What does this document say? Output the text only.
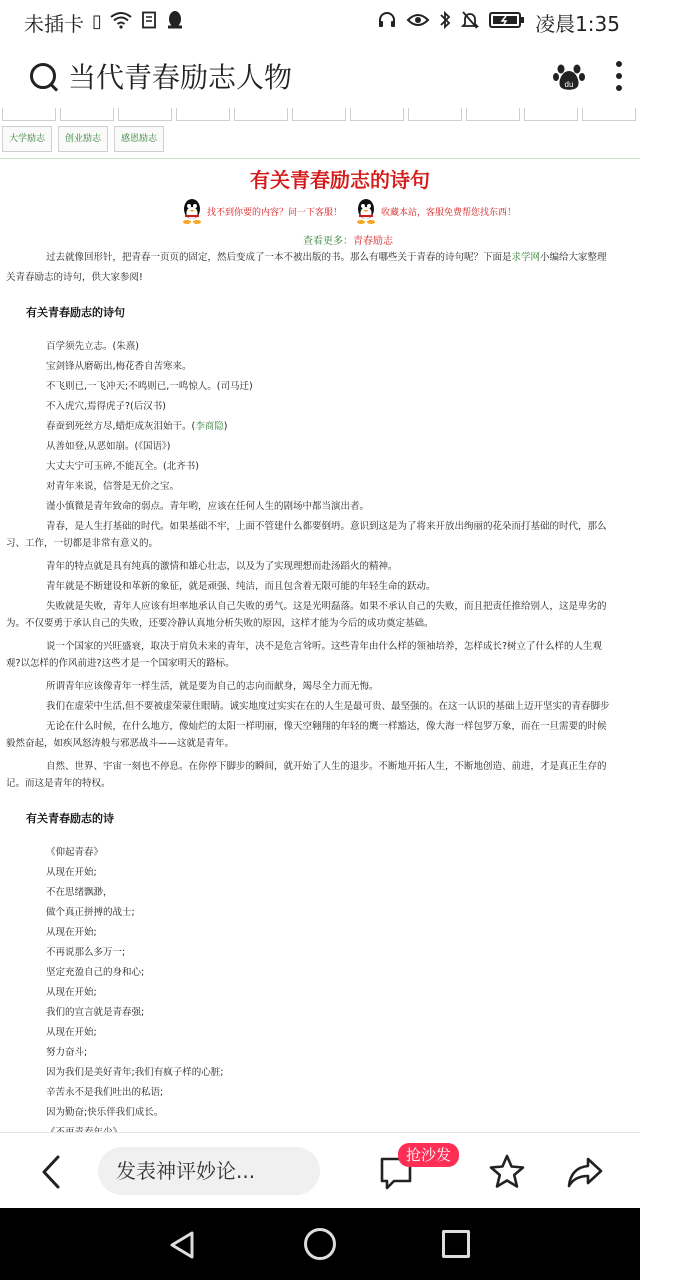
未插卡 ▯	凌晨1:35
当代青春励志人物	du
大学励志	创业励志	感恩励志
有关青春励志的诗句
找不到你要的内容？问一下客服！	收藏本站，客服免费帮您找东西！
查看更多：青春励志
过去就像回形针，把青春一页页的固定，然后变成了一本不被出版的书。那么有哪些关于青春的诗句呢？下面是求学网小编给大家整理
关青春励志的诗句，供大家参阅!
有关青春励志的诗句
百学须先立志。(朱熹)
宝剑锋从磨砺出,梅花香自苦寒来。
不飞则已,一飞冲天;不鸣则已,一鸣惊人。(司马迁)
不入虎穴,焉得虎子?(后汉书)
春蚕到死丝方尽,蜡炬成灰泪始干。(李商隐)
从善如登,从恶如崩。(《国语》)
大丈夫宁可玉碎,不能瓦全。(北齐书)
对青年来说，信誉是无价之宝。
谨小慎微是青年致命的弱点。青年哟，应该在任何人生的剧场中都当演出者。
青春，是人生打基础的时代。如果基础不牢，上面不管建什么都要倒坍。意识到这是为了将来开放出绚丽的花朵而打基础的时代，那么
习、工作，一切都是非常有意义的。
青年的特点就是具有纯真的激情和雄心壮志，以及为了实现理想而赴汤蹈火的精神。
青年就是不断建设和革新的象征，就是顽强、纯洁，而且包含着无限可能的年轻生命的跃动。
失败就是失败，青年人应该有坦率地承认自己失败的勇气。这是光明磊落。如果不承认自己的失败，而且把责任推给别人，这是卑劣的
为。不仅要勇于承认自己的失败，还要冷静认真地分析失败的原因，这样才能为今后的成功奠定基础。
说一个国家的兴旺盛衰，取决于肩负未来的青年，决不是危言耸听。这些青年由什么样的领袖培养，怎样成长?树立了什么样的人生观
观?以怎样的作风前进?这些才是一个国家明天的路标。
所谓青年应该像青年一样生活，就是要为自己的志向而献身，竭尽全力而无悔。
我们在虚荣中生活,但不要被虚荣蒙住眼睛。诚实地度过实实在在的人生是最可贵、最坚强的。在这一认识的基础上迈开坚实的青春脚步
无论在什么时候，在什么地方，像灿烂的太阳一样明丽，像天空翱翔的年轻的鹰一样豁达，像大海一样包罗万象，而在一旦需要的时候
毅然奋起，如疾风怒涛般与邪恶战斗——这就是青年。
自然、世界、宇宙一刻也不停息。在你停下脚步的瞬间，就开始了人生的退步。不断地开拓人生，不断地创造、前进，才是真正生存的
记。而这是青年的特权。
有关青春励志的诗
《仰起青春》
从现在开始;
不在思绪飘渺，
做个真正拼搏的战士;
从现在开始;
不再说那么多万一;
坚定充盈自己的身和心;
从现在开始;
我们的宣言就是青春强;
从现在开始;
努力奋斗;
因为我们是美好青年;我们有疯子样的心脏;
辛苦永不是我们吐出的私语;
因为勤奋;快乐伴我们成长。
发表神评妙论...
抢沙发
